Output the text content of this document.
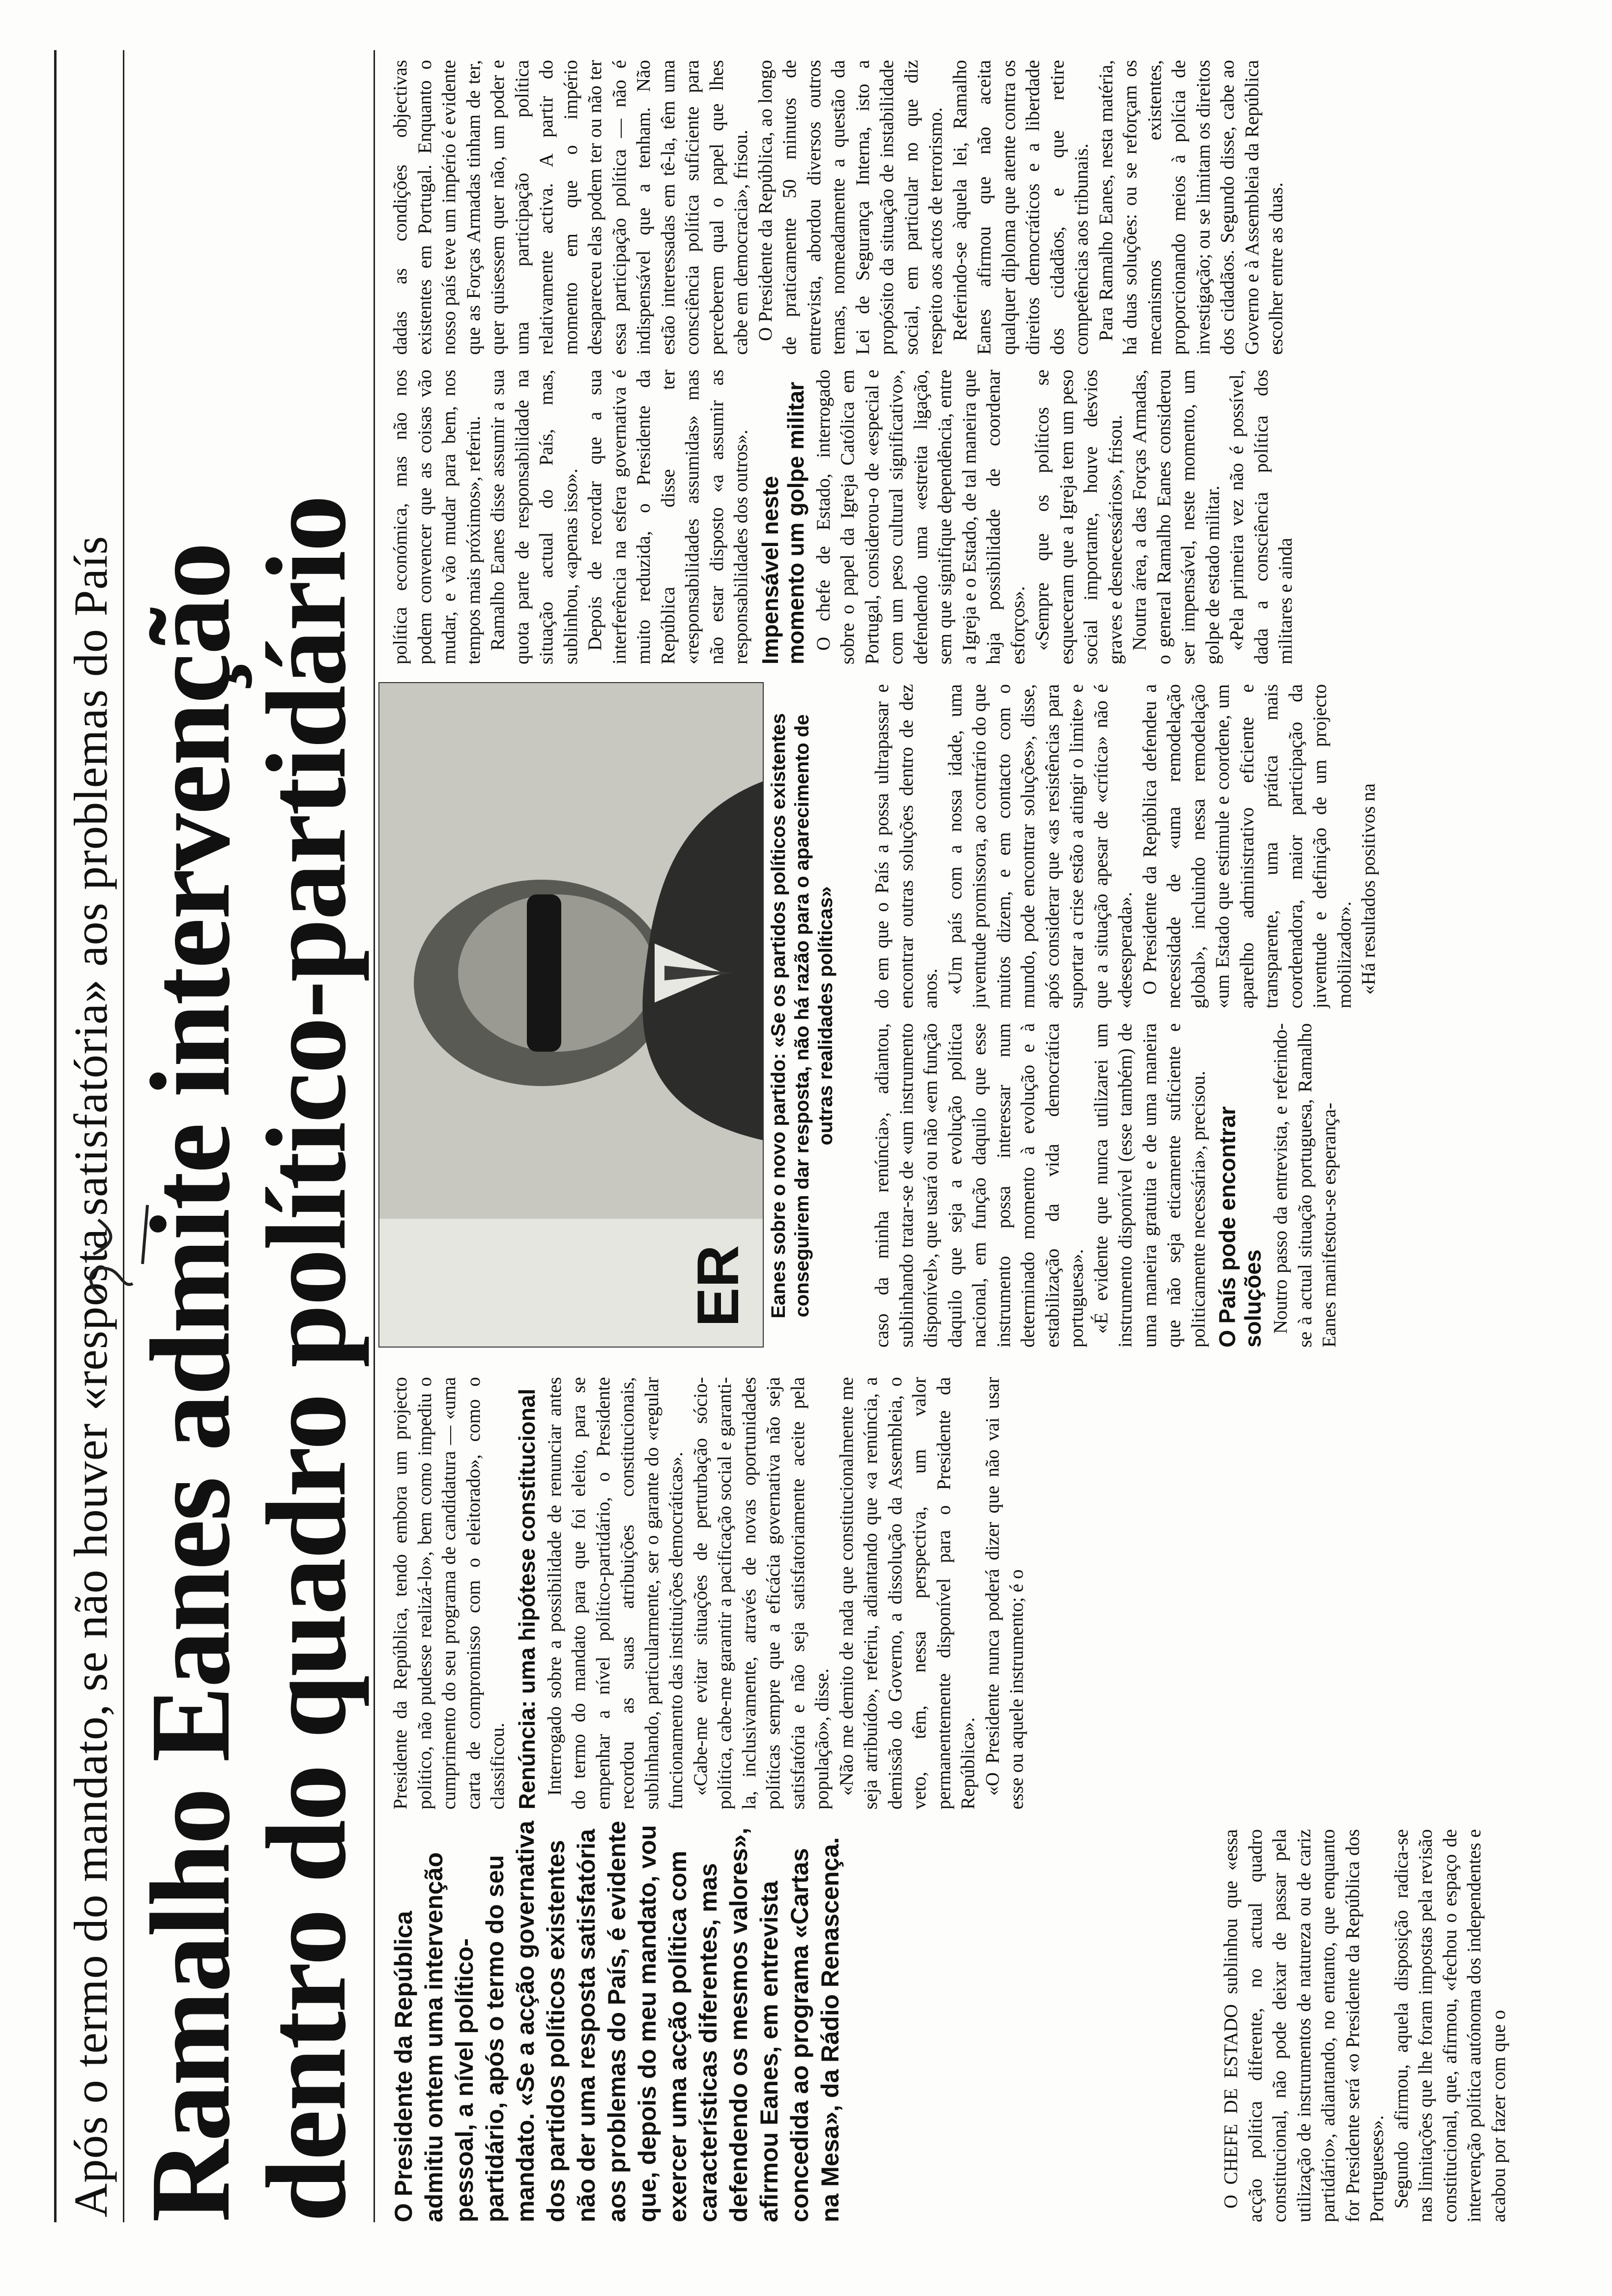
Após o termo do mandato, se não houver «resposta satisfatória» aos problemas do País Ramalho Eanes admite intervenção
dentro do quadro político-partidário O Presidente da República admitiu ontem uma intervenção pessoal, a nível político-partidário, após o termo do seu mandato. «Se a acção governativa dos partidos políticos existentes não der uma resposta satisfatória aos problemas do País, é evidente que, depois do meu mandato, vou exercer uma acção política com características diferentes, mas defendendo os mesmos valores», afirmou Eanes, em entrevista concedida ao programa «Cartas na Mesa», da Rádio Renascença.	O CHEFE DE ESTADO sublinhou que «essa acção política diferente, no actual quadro constitucional, não pode deixar de passar pela utilização de instrumentos de natureza ou de cariz partidário», adiantando, no entanto, que enquanto for Presidente será «o Presidente da República dos Portugueses». Segundo afirmou, aquela disposição radica-se nas limitações que lhe foram impostas pela revisão constitucional, que, afirmou, «fechou o espaço de intervenção política autónoma dos independentes e acabou por fazer com que o

Presidente da República, tendo embora um projecto político, não pudesse realizá-lo», bem como impediu o cumprimento do seu programa de candidatura — «uma carta de compromisso com o eleitorado», como o classificou. Renúncia: uma hipótese constitucional Interrogado sobre a possibilidade de renunciar antes do termo do mandato para que foi eleito, para se empenhar a nível político-partidário, o Presidente recordou as suas atribuições constitucionais, sublinhando, particularmente, ser o garante do «regular funcionamento das instituições democráticas». «Cabe-me evitar situações de perturbação sócio-política, cabe-me garantir a pacificação social e garanti-la, inclusivamente, através de novas oportunidades políticas sempre que a eficácia governativa não seja satisfatória e não seja satisfatoriamente aceite pela população», disse. «Não me demito de nada que constitucionalmente me seja atribuído», referiu, adiantando que «a renúncia, a demissão do Governo, a dissolução da Assembleia, o veto, têm, nessa perspectiva, um valor permanentemente disponível para o Presidente da República». «O Presidente nunca poderá dizer que não vai usar esse ou aquele instrumento; é o

ER Eanes sobre o novo partido: «Se os partidos políticos existentes conseguirem dar resposta, não há razão para o aparecimento de outras realidades políticas»

caso da minha renúncia», adiantou, sublinhando tratar-se de «um instrumento disponível», que usará ou não «em função daquilo que seja a evolução política nacional, em função daquilo que esse instrumento possa interessar num determinado momento à evolução e à estabilização da vida democrática portuguesa». «É evidente que nunca utilizarei um instrumento disponível (esse também) de uma maneira gratuita e de uma maneira que não seja eticamente suficiente e politicamente necessária», precisou. O País pode encontrar soluções Noutro passo da entrevista, e referindo-se à actual situação portuguesa, Ramalho Eanes manifestou-se esperança-

do em que o País a possa ultrapassar e encontrar outras soluções dentro de dez anos. «Um país com a nossa idade, uma juventude promissora, ao contrário do que muitos dizem, e em contacto com o mundo, pode encontrar soluções», disse, após considerar que «as resistências para suportar a crise estão a atingir o limite» e que a situação apesar de «crítica» não é «desesperada». O Presidente da República defendeu a necessidade de «uma remodelação global», incluindo nessa remodelação «um Estado que estimule e coordene, um aparelho administrativo eficiente e transparente, uma prática mais coordenadora, maior participação da juventude e definição de um projecto mobilizador». «Há resultados positivos na

política económica, mas não nos podem convencer que as coisas vão mudar, e vão mudar para bem, nos tempos mais próximos», referiu. Ramalho Eanes disse assumir a sua quota parte de responsabilidade na situação actual do País, mas, sublinhou, «apenas isso». Depois de recordar que a sua interferência na esfera governativa é muito reduzida, o Presidente da República disse ter «responsabilidades assumidas» mas não estar disposto «a assumir as responsabilidades dos outros». Impensável neste momento um golpe militar O chefe de Estado, interrogado sobre o papel da Igreja Católica em Portugal, considerou-o de «especial e com um peso cultural significativo», defendendo uma «estreita ligação, sem que signifique dependência, entre a Igreja e o Estado, de tal maneira que haja possibilidade de coordenar esforços». «Sempre que os políticos se esqueceram que a Igreja tem um peso social importante, houve desvios graves e desnecessários», frisou. Noutra área, a das Forças Armadas, o general Ramalho Eanes considerou ser impensável, neste momento, um golpe de estado militar. «Pela primeira vez não é possível, dada a consciência política dos militares e ainda

dadas as condições objectivas existentes em Portugal. Enquanto o nosso país teve um império é evidente que as Forças Armadas tinham de ter, quer quisessem quer não, um poder e uma participação política relativamente activa. A partir do momento em que o império desapareceu elas podem ter ou não ter essa participação política — não é indispensável que a tenham. Não estão interessadas em tê-la, têm uma consciência política suficiente para perceberem qual o papel que lhes cabe em democracia», frisou. O Presidente da República, ao longo de praticamente 50 minutos de entrevista, abordou diversos outros temas, nomeadamente a questão da Lei de Segurança Interna, isto a propósito da situação de instabilidade social, em particular no que diz respeito aos actos de terrorismo. Referindo-se àquela lei, Ramalho Eanes afirmou que não aceita qualquer diploma que atente contra os direitos democráticos e a liberdade dos cidadãos, e que retire competências aos tribunais. Para Ramalho Eanes, nesta matéria, há duas soluções: ou se reforçam os mecanismos existentes, proporcionando meios à polícia de investigação; ou se limitam os direitos dos cidadãos. Segundo disse, cabe ao Governo e à Assembleia da República escolher entre as duas.
